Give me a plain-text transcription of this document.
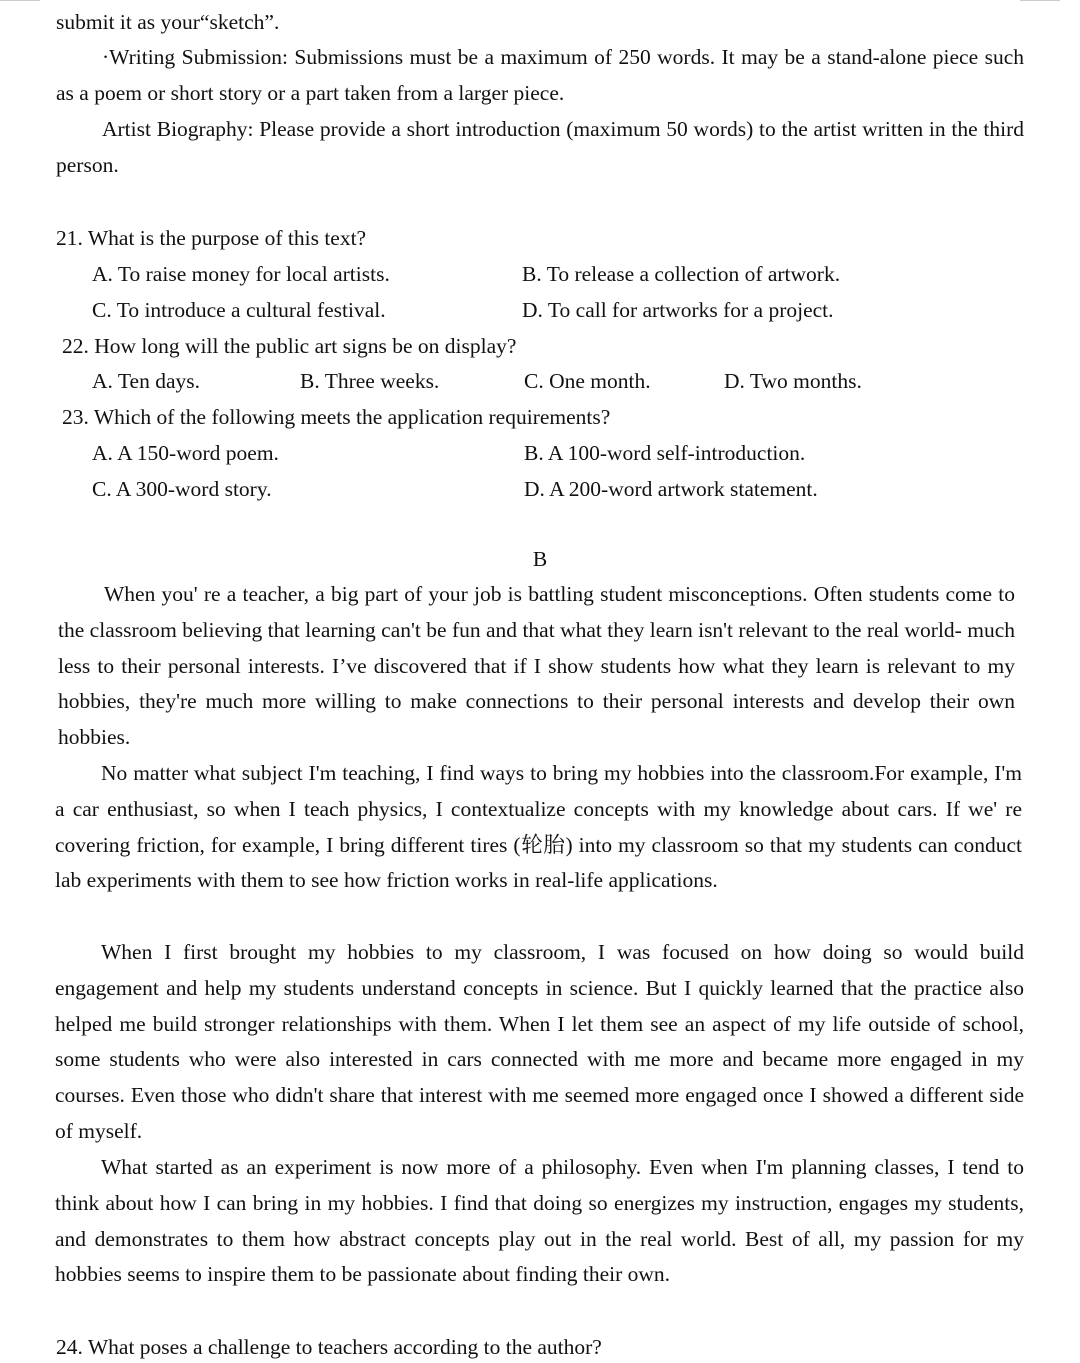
submit it as your“sketch”.
·Writing Submission: Submissions must be a maximum of 250 words. It may be a stand-alone piece such as a poem or short story or a part taken from a larger piece.
Artist Biography: Please provide a short introduction (maximum 50 words) to the artist written in the third person.
21. What is the purpose of this text?
A. To raise money for local artists.	B. To release a collection of artwork.
C. To introduce a cultural festival.	D. To call for artworks for a project.
22. How long will the public art signs be on display?
A. Ten days.	B. Three weeks.	C. One month.	D. Two months.
23. Which of the following meets the application requirements?
A. A 150-word poem.	B. A 100-word self-introduction.
C. A 300-word story.	D. A 200-word artwork statement.
B
When you' re a teacher, a big part of your job is battling student misconceptions. Often students come to the classroom believing that learning can't be fun and that what they learn isn't relevant to the real world- much less to their personal interests. I’ve discovered that if I show students how what they learn is relevant to my hobbies, they're much more willing to make connections to their personal interests and develop their own hobbies.
No matter what subject I'm teaching, I find ways to bring my hobbies into the classroom.For example, I'm a car enthusiast, so when I teach physics, I contextualize concepts with my knowledge about cars. If we' re covering friction, for example, I bring different tires (轮胎) into my classroom so that my students can conduct lab experiments with them to see how friction works in real-life applications.
When I first brought my hobbies to my classroom, I was focused on how doing so would build engagement and help my students understand concepts in science. But I quickly learned that the practice also helped me build stronger relationships with them. When I let them see an aspect of my life outside of school, some students who were also interested in cars connected with me more and became more engaged in my courses. Even those who didn't share that interest with me seemed more engaged once I showed a different side of myself.
What started as an experiment is now more of a philosophy. Even when I'm planning classes, I tend to think about how I can bring in my hobbies. I find that doing so energizes my instruction, engages my students, and demonstrates to them how abstract concepts play out in the real world. Best of all, my passion for my hobbies seems to inspire them to be passionate about finding their own.
24. What poses a challenge to teachers according to the author?
